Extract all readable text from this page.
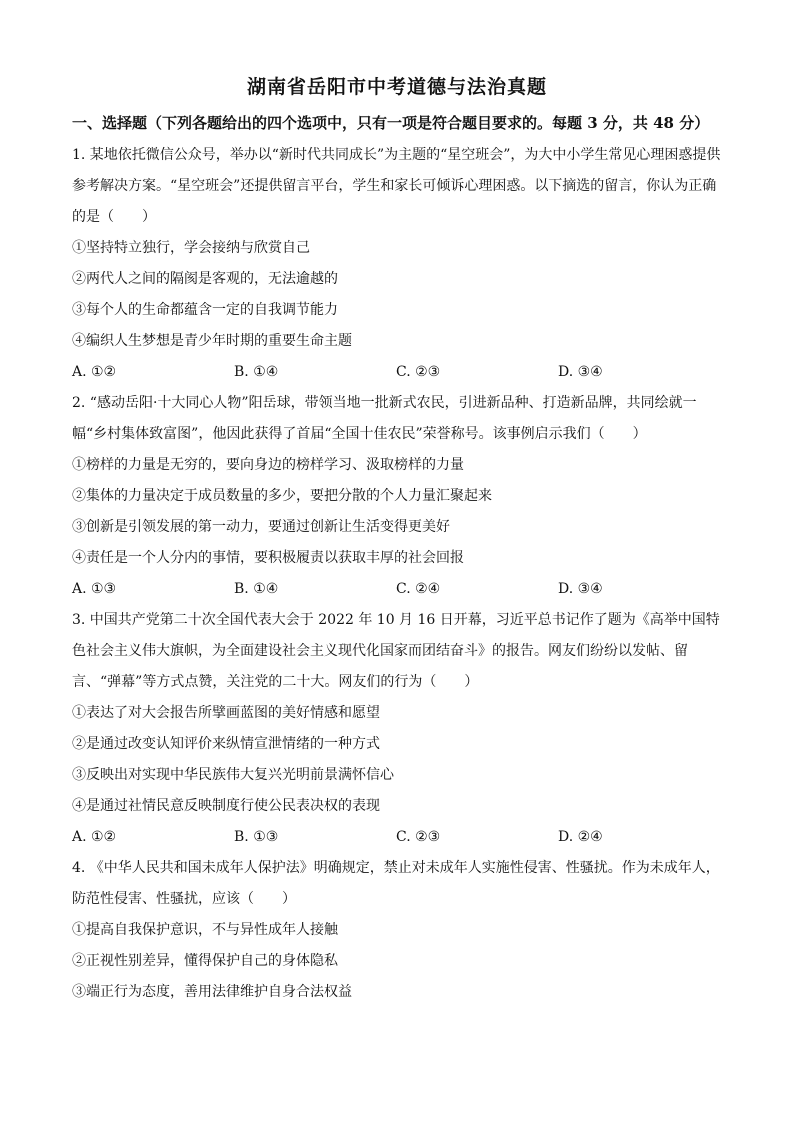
湖南省岳阳市中考道德与法治真题
一、选择题（下列各题给出的四个选项中，只有一项是符合题目要求的。每题 3 分，共 48 分）

1. 某地依托微信公众号，举办以“新时代共同成长”为主题的“星空班会”，为大中小学生常见心理困惑提供参考解决方案。“星空班会”还提供留言平台，学生和家长可倾诉心理困惑。以下摘选的留言，你认为正确的是（　　）

①坚持特立独行，学会接纳与欣赏自己

②两代人之间的隔阂是客观的，无法逾越的

③每个人的生命都蕴含一定的自我调节能力

④编织人生梦想是青少年时期的重要生命主题

A. ①②	B. ①④	C. ②③	D. ③④

2. “感动岳阳·十大同心人物”阳岳球，带领当地一批新式农民，引进新品种、打造新品牌，共同绘就一幅“乡村集体致富图”，他因此获得了首届“全国十佳农民”荣誉称号。该事例启示我们（　　）

①榜样的力量是无穷的，要向身边的榜样学习、汲取榜样的力量

②集体的力量决定于成员数量的多少，要把分散的个人力量汇聚起来

③创新是引领发展的第一动力，要通过创新让生活变得更美好

④责任是一个人分内的事情，要积极履责以获取丰厚的社会回报

A. ①③	B. ①④	C. ②④	D. ③④

3. 中国共产党第二十次全国代表大会于 2022 年 10 月 16 日开幕，习近平总书记作了题为《高举中国特色社会主义伟大旗帜，为全面建设社会主义现代化国家而团结奋斗》的报告。网友们纷纷以发帖、留言、“弹幕”等方式点赞，关注党的二十大。网友们的行为（　　）

①表达了对大会报告所擘画蓝图的美好情感和愿望

②是通过改变认知评价来纵情宣泄情绪的一种方式

③反映出对实现中华民族伟大复兴光明前景满怀信心

④是通过社情民意反映制度行使公民表决权的表现

A. ①②	B. ①③	C. ②③	D. ②④

4. 《中华人民共和国未成年人保护法》明确规定，禁止对未成年人实施性侵害、性骚扰。作为未成年人，防范性侵害、性骚扰，应该（　　）

①提高自我保护意识，不与异性成年人接触

②正视性别差异，懂得保护自己的身体隐私

③端正行为态度，善用法律维护自身合法权益
